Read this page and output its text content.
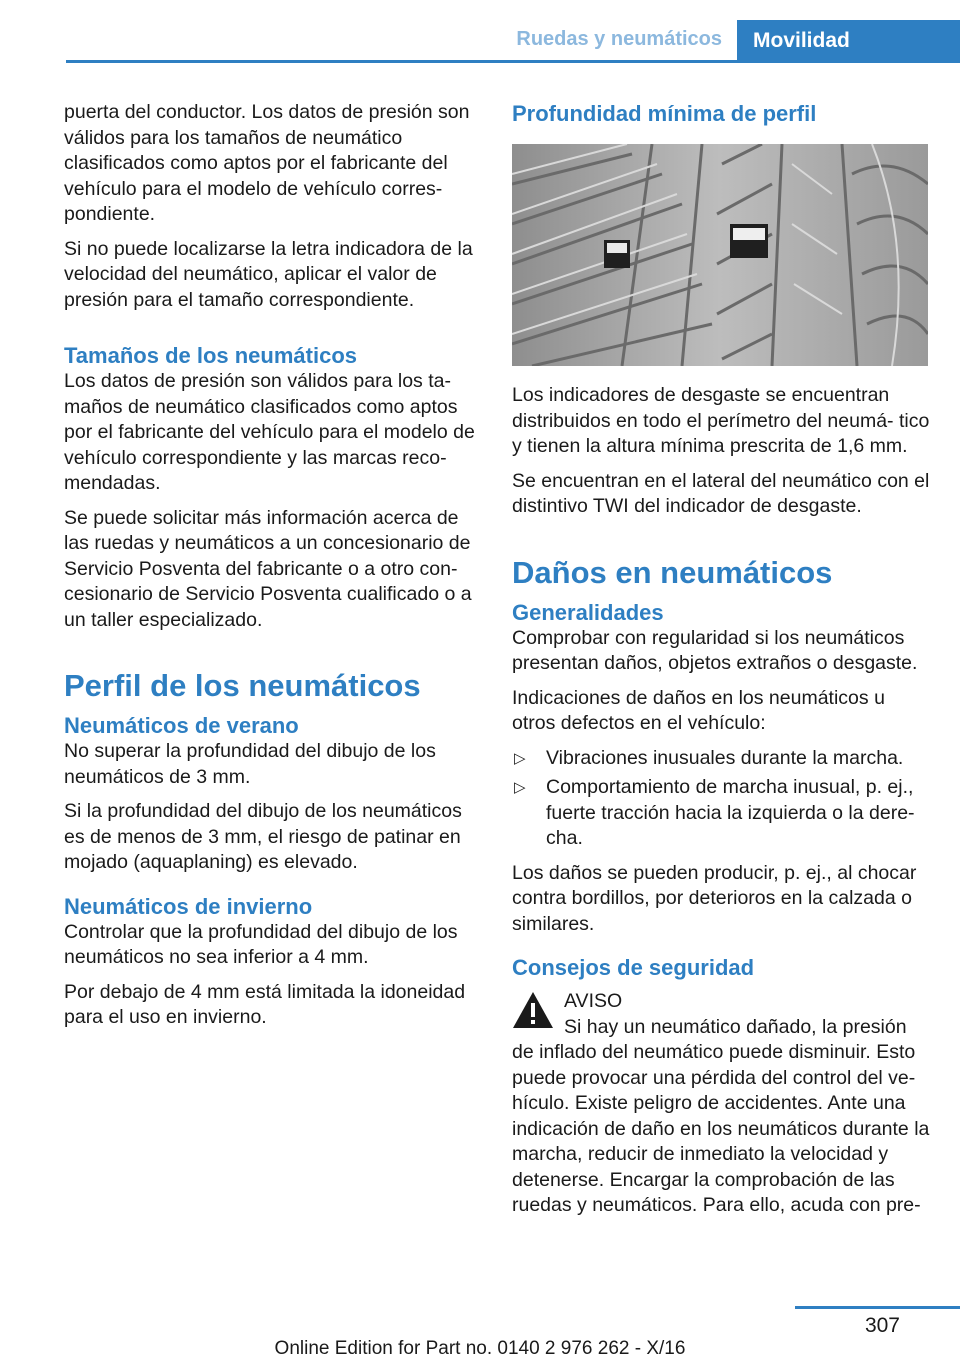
Ruedas y neumáticos Movilidad

puerta del conductor. Los datos de presión son válidos para los tamaños de neumático clasificados como aptos por el fabricante del vehículo para el modelo de vehículo corres‐ pondiente.

Si no puede localizarse la letra indicadora de la velocidad del neumático, aplicar el valor de presión para el tamaño correspondiente.

Tamaños de los neumáticos

Los datos de presión son válidos para los ta‐ maños de neumático clasificados como aptos por el fabricante del vehículo para el modelo de vehículo correspondiente y las marcas reco‐ mendadas.

Se puede solicitar más información acerca de las ruedas y neumáticos a un concesionario de Servicio Posventa del fabricante o a otro con‐ cesionario de Servicio Posventa cualificado o a un taller especializado.

Perfil de los neumáticos
Neumáticos de verano

No superar la profundidad del dibujo de los neumáticos de 3 mm.

Si la profundidad del dibujo de los neumáticos es de menos de 3 mm, el riesgo de patinar en mojado (aquaplaning) es elevado.

Neumáticos de invierno

Controlar que la profundidad del dibujo de los neumáticos no sea inferior a 4 mm.

Por debajo de 4 mm está limitada la idoneidad para el uso en invierno.

Profundidad mínima de perfil

Los indicadores de desgaste se encuentran distribuidos en todo el perímetro del neumá‐ tico y tienen la altura mínima prescrita de 1,6 mm.

Se encuentran en el lateral del neumático con el distintivo TWI del indicador de desgaste.

Daños en neumáticos
Generalidades

Comprobar con regularidad si los neumáticos presentan daños, objetos extraños o desgaste.

Indicaciones de daños en los neumáticos u otros defectos en el vehículo:

▷ Vibraciones inusuales durante la marcha.
▷ Comportamiento de marcha inusual, p. ej., fuerte tracción hacia la izquierda o la dere‐ cha.

Los daños se pueden producir, p. ej., al chocar contra bordillos, por deterioros en la calzada o similares.

Consejos de seguridad
AVISO
Si hay un neumático dañado, la presión
de inflado del neumático puede disminuir. Esto puede provocar una pérdida del control del ve‐ hículo. Existe peligro de accidentes. Ante una indicación de daño en los neumáticos durante la marcha, reducir de inmediato la velocidad y detenerse. Encargar la comprobación de las ruedas y neumáticos. Para ello, acuda con pre‐
307
Online Edition for Part no. 0140 2 976 262 - X/16
